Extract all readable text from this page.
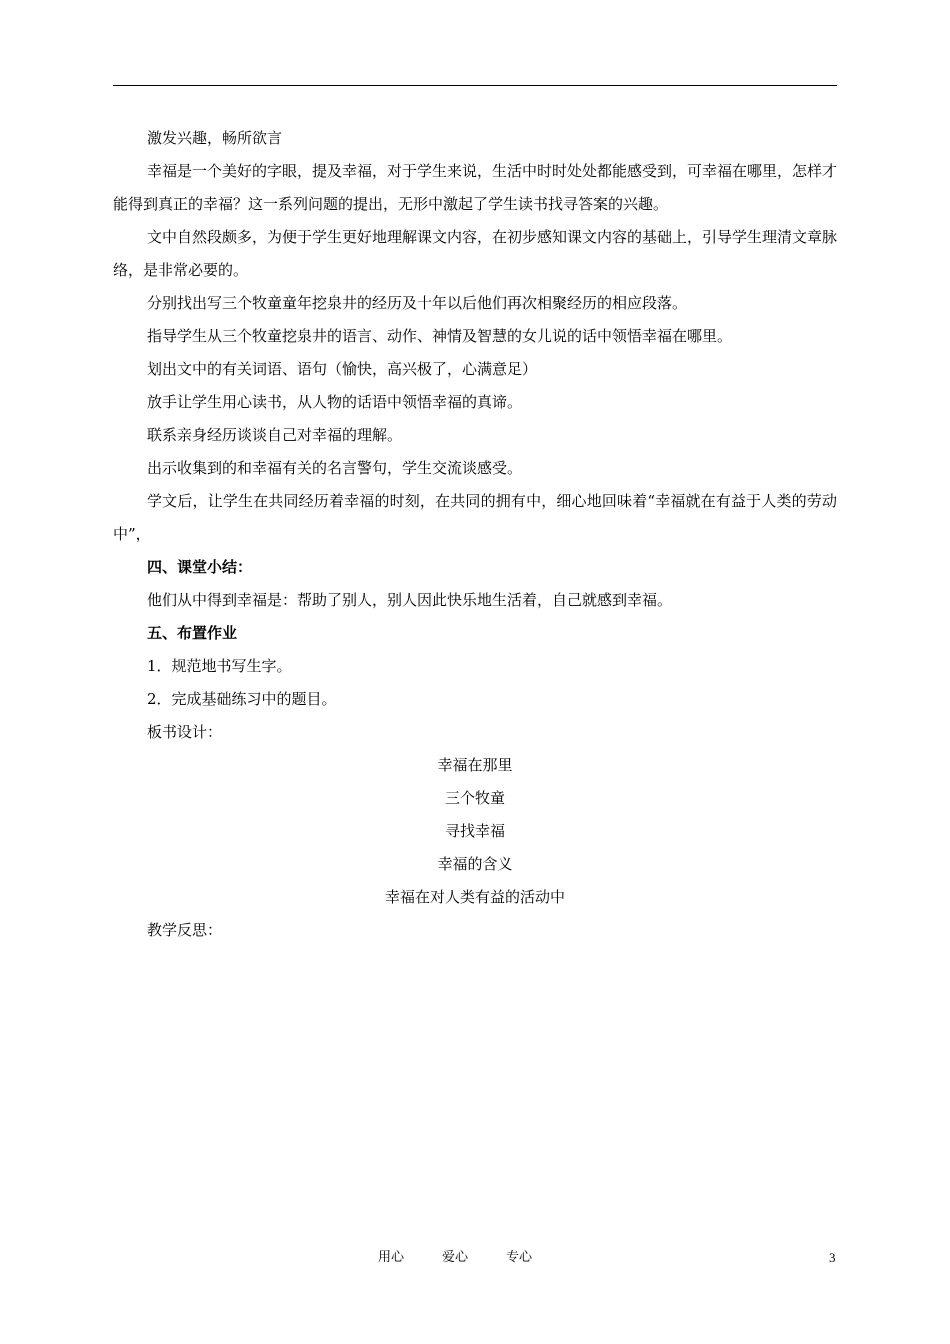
激发兴趣，畅所欲言

幸福是一个美好的字眼，提及幸福，对于学生来说，生活中时时处处都能感受到，可幸福在哪里，怎样才能得到真正的幸福？这一系列问题的提出，无形中激起了学生读书找寻答案的兴趣。

文中自然段颇多，为便于学生更好地理解课文内容，在初步感知课文内容的基础上，引导学生理清文章脉络，是非常必要的。

分别找出写三个牧童童年挖泉井的经历及十年以后他们再次相聚经历的相应段落。

指导学生从三个牧童挖泉井的语言、动作、神情及智慧的女儿说的话中领悟幸福在哪里。

划出文中的有关词语、语句（愉快，高兴极了，心满意足）

放手让学生用心读书，从人物的话语中领悟幸福的真谛。

联系亲身经历谈谈自己对幸福的理解。

出示收集到的和幸福有关的名言警句，学生交流谈感受。

学文后，让学生在共同经历着幸福的时刻，在共同的拥有中，细心地回味着“幸福就在有益于人类的劳动中”，

四、课堂小结：

他们从中得到幸福是：帮助了别人，别人因此快乐地生活着，自己就感到幸福。

五、布置作业

1．规范地书写生字。

2．完成基础练习中的题目。

板书设计：

幸福在那里

三个牧童

寻找幸福

幸福的含义

幸福在对人类有益的活动中

教学反思：

用心	爱心	专心	3
